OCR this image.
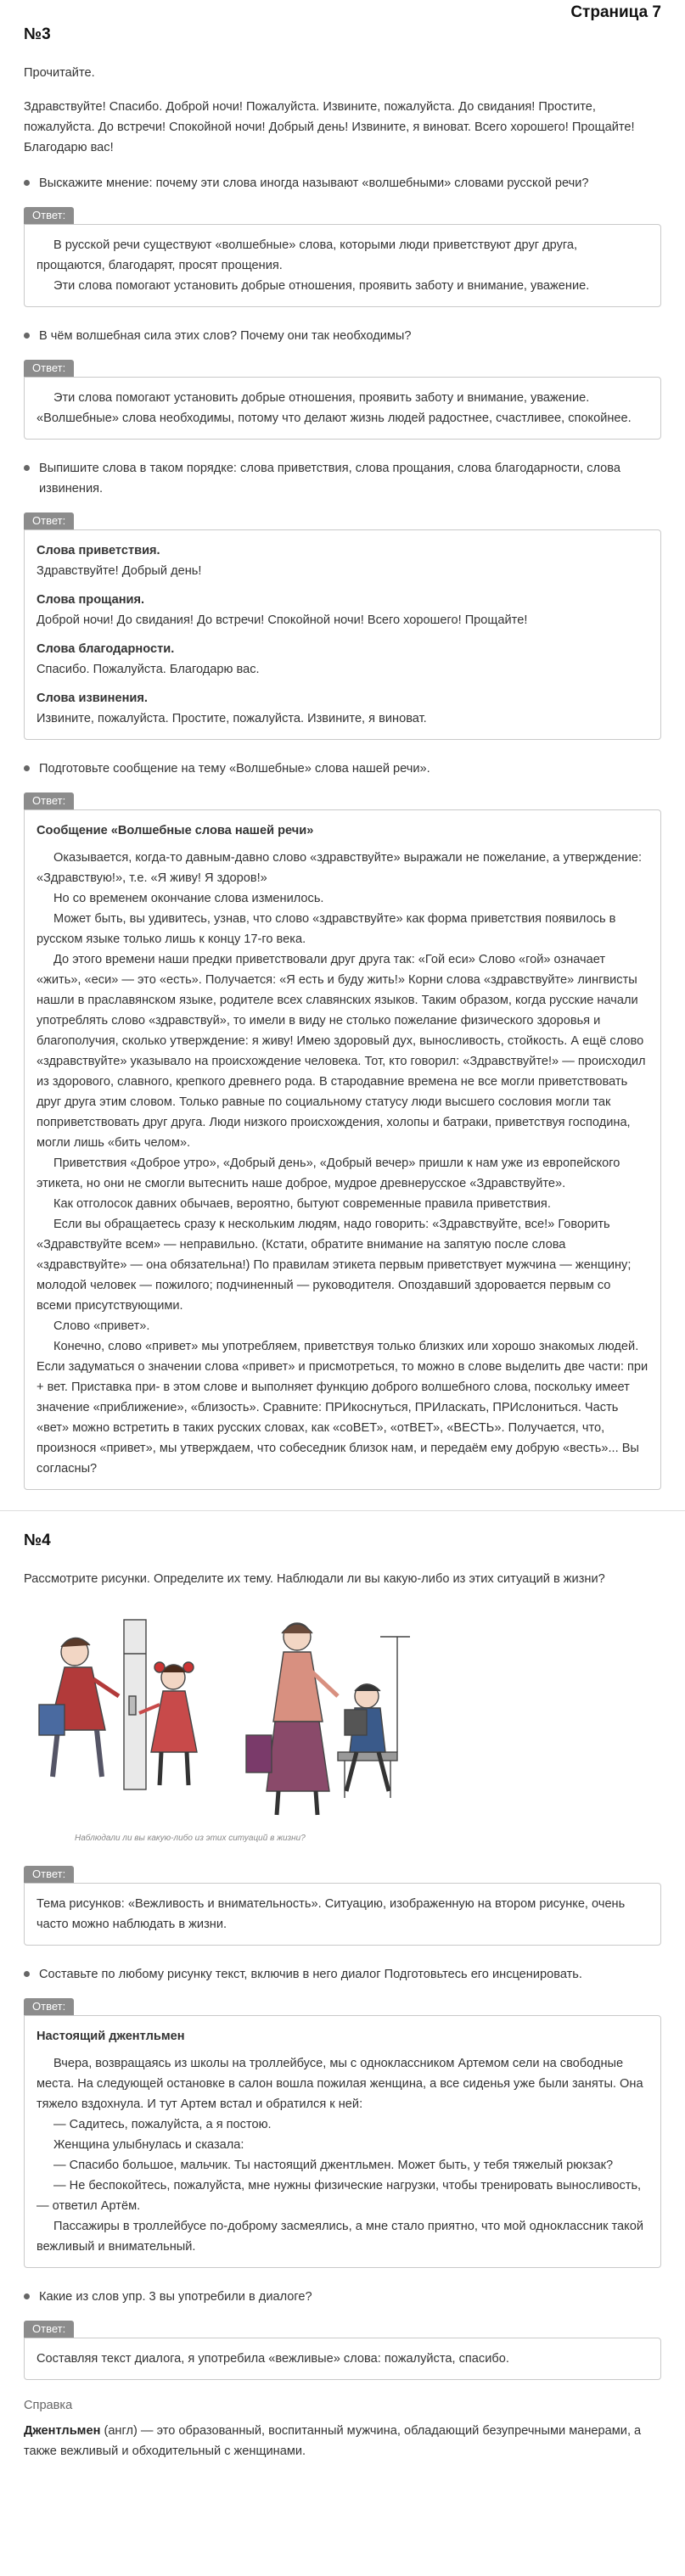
Страница 7
№3

Прочитайте.

Здравствуйте! Спасибо. Доброй ночи! Пожалуйста. Извините, пожалуйста. До свидания! Простите, пожалуйста. До встречи! Спокойной ночи! Добрый день! Извините, я виноват. Всего хорошего! Прощайте! Благодарю вас!

Выскажите мнение: почему эти слова иногда называют «волшебными» словами русской речи?
Ответ:

В русской речи существуют «волшебные» слова, которыми люди приветствуют друг друга, прощаются, благодарят, просят прощения.

Эти слова помогают установить добрые отношения, проявить заботу и внимание, уважение.

В чём волшебная сила этих слов? Почему они так необходимы?
Ответ:

Эти слова помогают установить добрые отношения, проявить заботу и внимание, уважение. «Волшебные» слова необходимы, потому что делают жизнь людей радостнее, счастливее, спокойнее.

Выпишите слова в таком порядке: слова приветствия, слова прощания, слова благодарности, слова извинения.
Ответ:

Слова приветствия.

Здравствуйте! Добрый день!

Слова прощания.

Доброй ночи! До свидания! До встречи! Спокойной ночи! Всего хорошего! Прощайте!

Слова благодарности.

Спасибо. Пожалуйста. Благодарю вас.

Слова извинения.

Извините, пожалуйста. Простите, пожалуйста. Извините, я виноват.

Подготовьте сообщение на тему «Волшебные» слова нашей речи».
Ответ:

Сообщение «Волшебные слова нашей речи»

Оказывается, когда-то давным-давно слово «здравствуйте» выражали не пожелание, а утверждение: «Здравствую!», т.е. «Я живу! Я здоров!»

Но со временем окончание слова изменилось.

Может быть, вы удивитесь, узнав, что слово «здравствуйте» как форма приветствия появилось в русском языке только лишь к концу 17-го века.

До этого времени наши предки приветствовали друг друга так: «Гой еси» Слово «гой» означает «жить», «еси» — это «есть». Получается: «Я есть и буду жить!» Корни слова «здравствуйте» лингвисты нашли в праславянском языке, родителе всех славянских языков. Таким образом, когда русские начали употреблять слово «здравствуй», то имели в виду не столько пожелание физического здоровья и благополучия, сколько утверждение: я живу! Имею здоровый дух, выносливость, стойкость. А ещё слово «здравствуйте» указывало на происхождение человека. Тот, кто говорил: «Здравствуйте!» — происходил из здорового, славного, крепкого древнего рода. В стародавние времена не все могли приветствовать друг друга этим словом. Только равные по социальному статусу люди высшего сословия могли так поприветствовать друг друга. Люди низкого происхождения, холопы и батраки, приветствуя господина, могли лишь «бить челом».

Приветствия «Доброе утро», «Добрый день», «Добрый вечер» пришли к нам уже из европейского этикета, но они не смогли вытеснить наше доброе, мудрое древнерусское «Здравствуйте».

Как отголосок давних обычаев, вероятно, бытуют современные правила приветствия.

Если вы обращаетесь сразу к нескольким людям, надо говорить: «Здравствуйте, все!» Говорить «Здравствуйте всем» — неправильно. (Кстати, обратите внимание на запятую после слова «здравствуйте» — она обязательна!) По правилам этикета первым приветствует мужчина — женщину; молодой человек — пожилого; подчиненный — руководителя. Опоздавший здоровается первым со всеми присутствующими.

Слово «привет».

Конечно, слово «привет» мы употребляем, приветствуя только близких или хорошо знакомых людей. Если задуматься о значении слова «привет» и присмотреться, то можно в слове выделить две части: при + вет. Приставка при- в этом слове и выполняет функцию доброго волшебного слова, поскольку имеет значение «приближение», «близость». Сравните: ПРИкоснуться, ПРИласкать, ПРИслониться. Часть «вет» можно встретить в таких русских словах, как «соВЕТ», «отВЕТ», «ВЕСТЬ». Получается, что, произнося «привет», мы утверждаем, что собеседник близок нам, и передаём ему добрую «весть»... Вы согласны?

№4

Рассмотрите рисунки. Определите их тему. Наблюдали ли вы какую-либо из этих ситуаций в жизни?

Наблюдали ли вы какую-либо из этих ситуаций в жизни?
Ответ:

Тема рисунков: «Вежливость и внимательность». Ситуацию, изображенную на втором рисунке, очень часто можно наблюдать в жизни.

Составьте по любому рисунку текст, включив в него диалог Подготовьтесь его инсценировать.
Ответ:

Настоящий джентльмен

Вчера, возвращаясь из школы на троллейбусе, мы с одноклассником Артемом сели на свободные места. На следующей остановке в салон вошла пожилая женщина, а все сиденья уже были заняты. Она тяжело вздохнула. И тут Артем встал и обратился к ней:

— Садитесь, пожалуйста, а я постою.

Женщина улыбнулась и сказала:

— Спасибо большое, мальчик. Ты настоящий джентльмен. Может быть, у тебя тяжелый рюкзак?

— Не беспокойтесь, пожалуйста, мне нужны физические нагрузки, чтобы тренировать выносливость, — ответил Артём.

Пассажиры в троллейбусе по-доброму засмеялись, а мне стало приятно, что мой одноклассник такой вежливый и внимательный.

Какие из слов упр. 3 вы употребили в диалоге?
Ответ:

Составляя текст диалога, я употребила «вежливые» слова: пожалуйста, спасибо.

Справка
Джентльмен (англ) — это образованный, воспитанный мужчина, обладающий безупречными манерами, а также вежливый и обходительный с женщинами.
